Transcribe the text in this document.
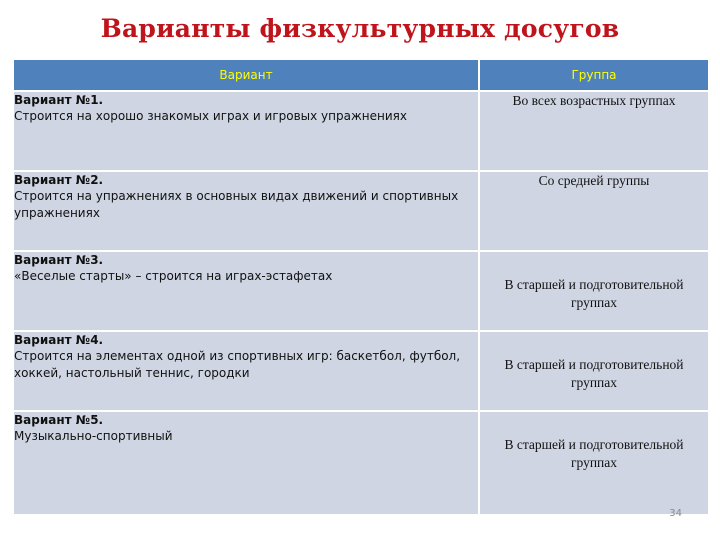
Варианты физкультурных досугов
Вариант	Группа

Вариант №1.
Строится на хорошо знакомых играх и игровых упражнениях	Во всех возрастных группах

Вариант №2.
Строится на упражнениях в основных видах движений и спортивных упражнениях	Со средней группы

Вариант №3.
«Веселые старты» – строится на играх-эстафетах	В старшей и подготовительной группах

Вариант №4.
Строится на элементах одной из спортивных игр: баскетбол, футбол, хоккей, настольный теннис, городки	В старшей и подготовительной группах

Вариант №5.
Музыкально-спортивный	В старшей и подготовительной группах
34
